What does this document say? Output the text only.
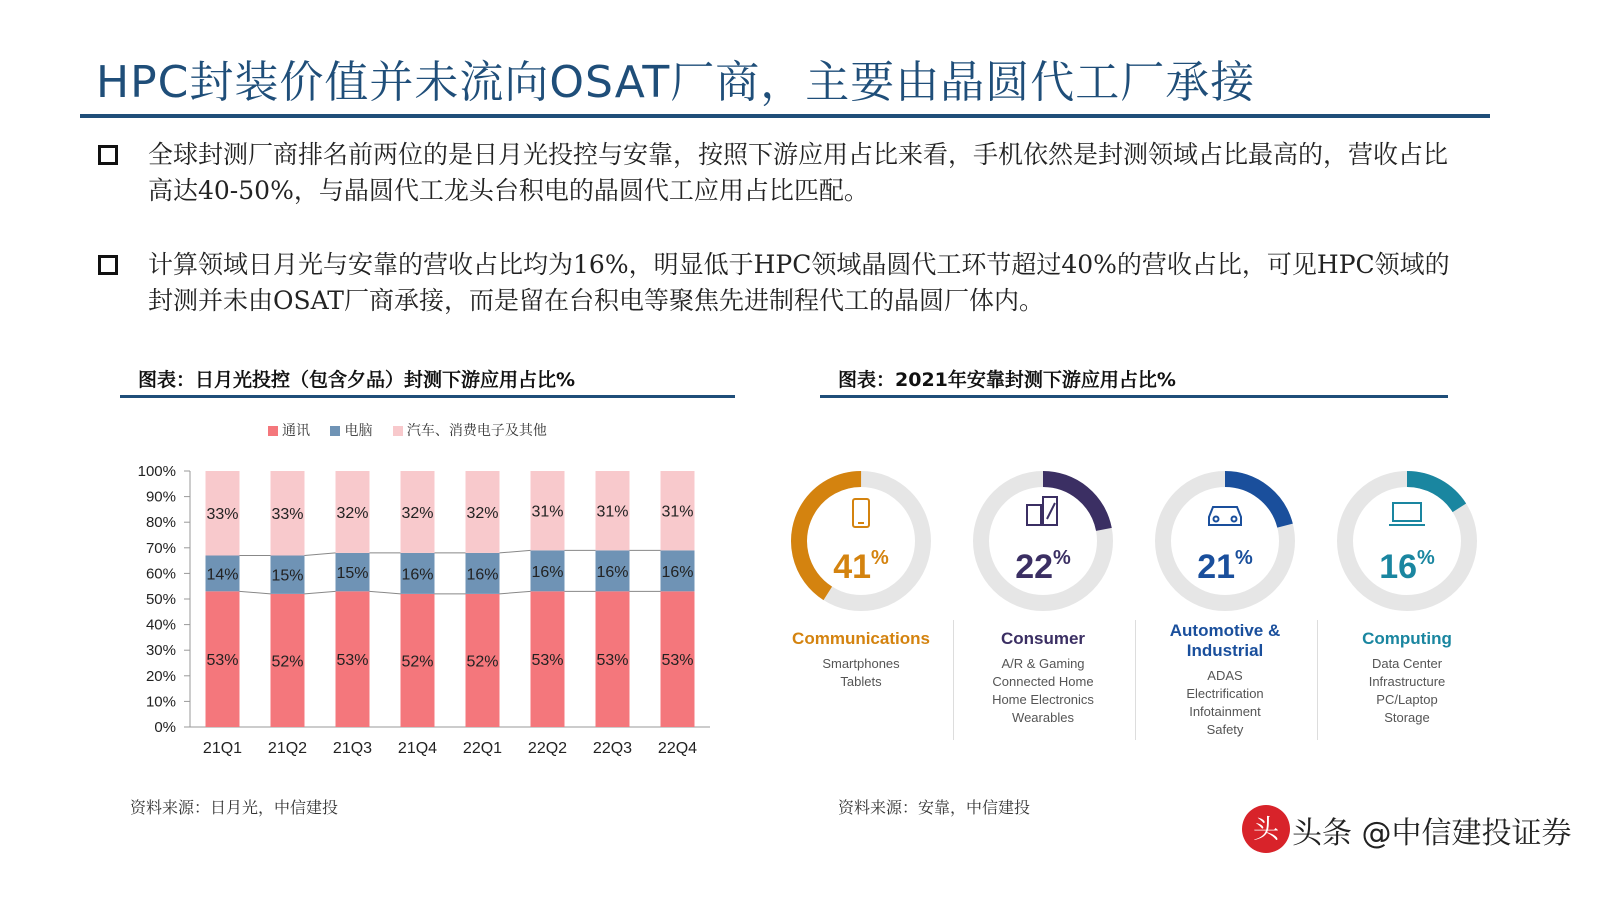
HPC封装价值并未流向OSAT厂商，主要由晶圆代工厂承接
全球封测厂商排名前两位的是日月光投控与安靠，按照下游应用占比来看，手机依然是封测领域占比最高的，营收占比高达40-50%，与晶圆代工龙头台积电的晶圆代工应用占比匹配。
计算领域日月光与安靠的营收占比均为16%，明显低于HPC领域晶圆代工环节超过40%的营收占比，可见HPC领域的封测并未由OSAT厂商承接，而是留在台积电等聚焦先进制程代工的晶圆厂体内。
图表：日月光投控（包含夕品）封测下游应用占比%
通讯 电脑 汽车、消费电子及其他
0%
10%
20%
30%
40%
50%
60%
70%
80%
90%
100%
53%
14%
33%
21Q1
52%
15%
33%
21Q2
53%
15%
32%
21Q3
52%
16%
32%
21Q4
52%
16%
32%
22Q1
53%
16%
31%
22Q2
53%
16%
31%
22Q3
53%
16%
31%
22Q4
资料来源：日月光，中信建投
图表：2021年安靠封测下游应用占比%
41%
Communications
Smartphones
Tablets
22%
Consumer
A/R & Gaming
Connected Home
Home Electronics
Wearables
21%
Automotive & Industrial
ADAS
Electrification
Infotainment
Safety
16%
Computing
Data Center
Infrastructure
PC/Laptop
Storage
资料来源：安靠，中信建投
头 头条 @中信建投证券
